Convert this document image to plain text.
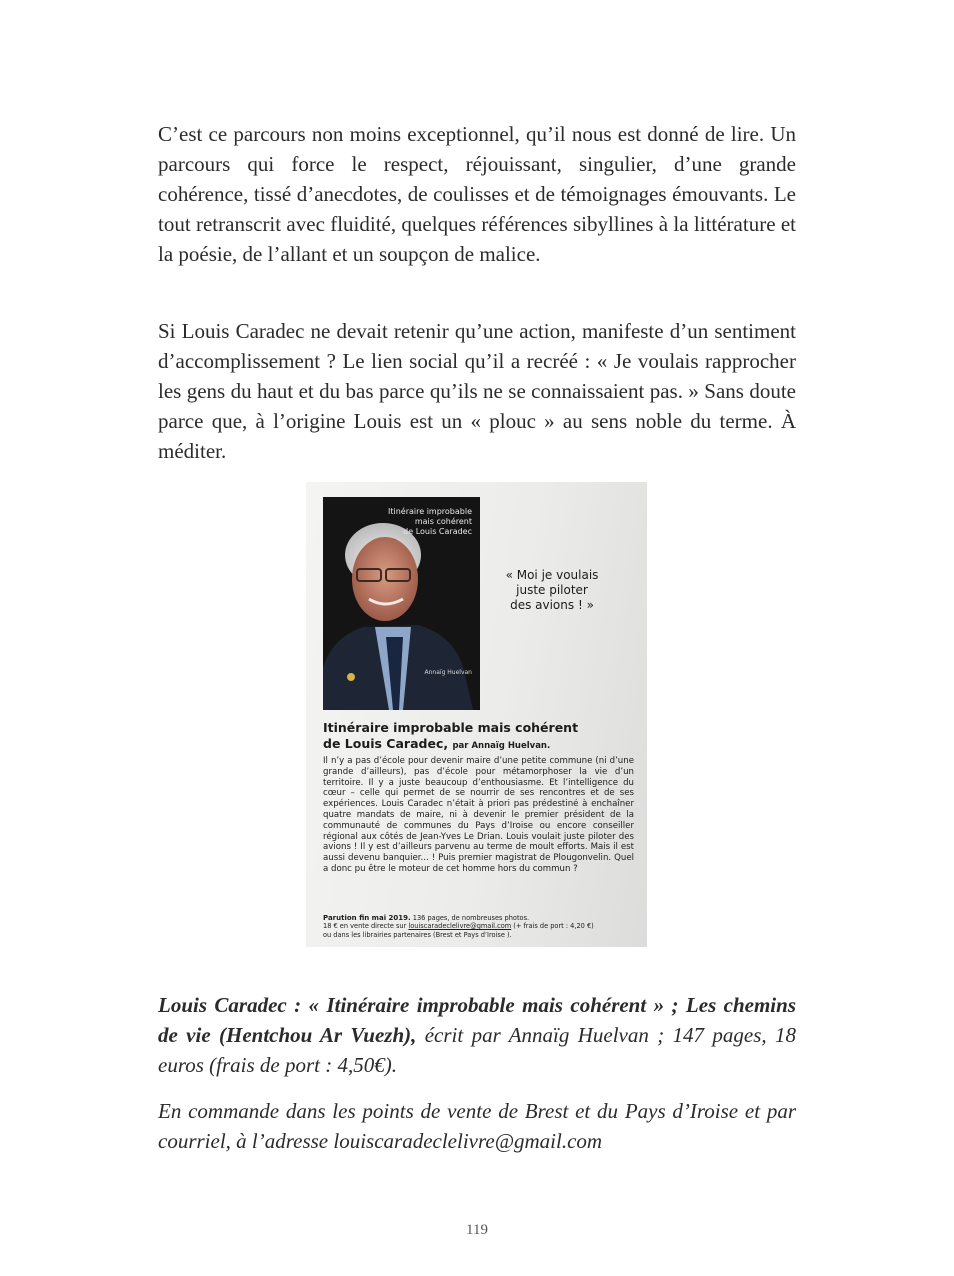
C’est ce parcours non moins exceptionnel, qu’il nous est donné de lire. Un parcours qui force le respect, réjouissant, singulier, d’une grande cohérence, tissé d’anecdotes, de coulisses et de témoignages émouvants. Le tout retranscrit avec fluidité, quelques références sibyllines à la littérature et la poésie, de l’allant et un soupçon de malice.

Si Louis Caradec ne devait retenir qu’une action, manifeste d’un sentiment d’accomplissement ? Le lien social qu’il a recréé : « Je voulais rapprocher les gens du haut et du bas parce qu’ils ne se connaissaient pas. » Sans doute parce que, à l’origine Louis est un « plouc » au sens noble du terme. À méditer.

Itinéraire improbable
mais cohérent
de Louis Caradec
Annaïg Huelvan
« Moi je voulais
juste piloter
des avions ! »
Itinéraire improbable mais cohérent
de Louis Caradec, par Annaïg Huelvan.

Il n’y a pas d’école pour devenir maire d’une petite commune (ni d’une grande d’ailleurs), pas d’école pour métamorphoser la vie d’un territoire. Il y a juste beaucoup d’enthousiasme. Et l’intelligence du cœur – celle qui permet de se nourrir de ses rencontres et de ses expériences. Louis Caradec n’était à priori pas prédestiné à enchaîner quatre mandats de maire, ni à devenir le premier président de la communauté de communes du Pays d’Iroise ou encore conseiller régional aux côtés de Jean-Yves Le Drian. Louis voulait juste piloter des avions ! Il y est d’ailleurs parvenu au terme de moult efforts. Mais il est aussi devenu banquier... ! Puis premier magistrat de Plougonvelin. Quel a donc pu être le moteur de cet homme hors du commun ?

Parution fin mai 2019. 136 pages, de nombreuses photos.
18 € en vente directe sur louiscaradeclelivre@gmail.com (+ frais de port : 4,20 €)
ou dans les librairies partenaires (Brest et Pays d’Iroise ).

Louis Caradec : « Itinéraire improbable mais cohérent » ; Les chemins de vie (Hentchou Ar Vuezh), écrit par Annaïg Huelvan ; 147 pages, 18 euros (frais de port : 4,50€).

En commande dans les points de vente de Brest et du Pays d’Iroise et par courriel, à l’adresse louiscaradeclelivre@gmail.com

119
